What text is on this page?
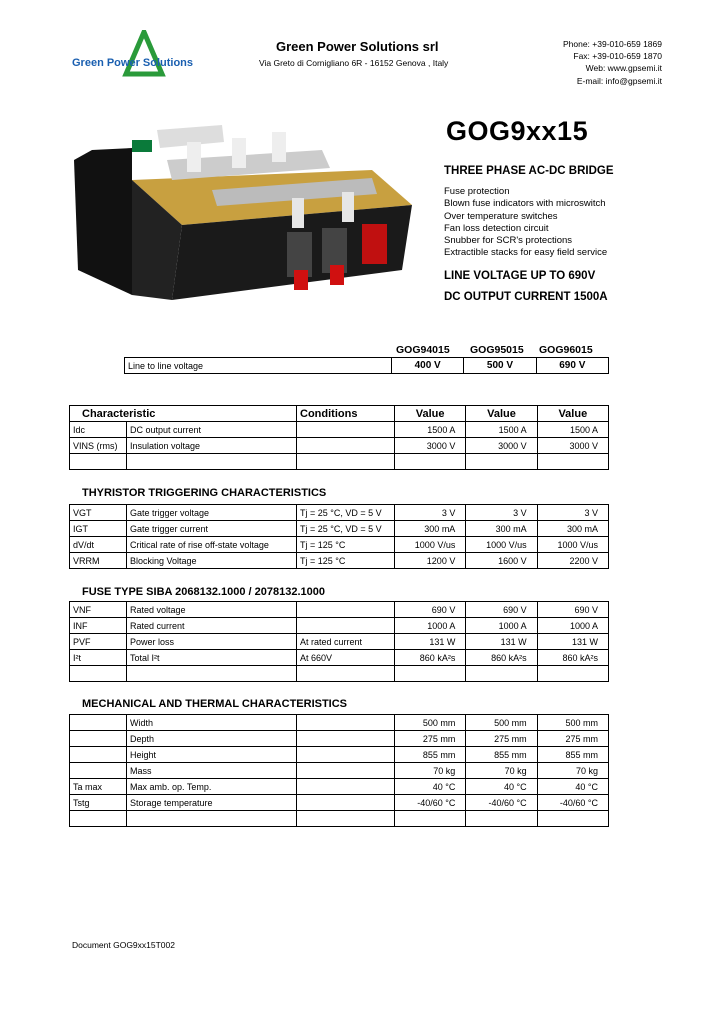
Green Power Solutions
Green Power Solutions srl
Via Greto di Cornigliano 6R - 16152 Genova , Italy
Phone: +39-010-659 1869
Fax: +39-010-659 1870
Web: www.gpsemi.it
E-mail: info@gpsemi.it
GOG9xx15
THREE PHASE AC-DC BRIDGE
Fuse protection
Blown fuse indicators with microswitch
Over temperature switches
Fan loss detection circuit
Snubber for SCR's protections
Extractible stacks for easy field service
LINE VOLTAGE UP TO 690V
DC OUTPUT CURRENT 1500A
GOG94015 GOG95015 GOG96015
Line to line voltage	400 V	500 V	690 V
Characteristic		Conditions	Value	Value	Value
Idc	DC output current		1500 A	1500 A	1500 A
VINS (rms)	Insulation voltage		3000 V	3000 V	3000 V

THYRISTOR TRIGGERING CHARACTERISTICS
VGT	Gate trigger voltage	Tj = 25 °C, VD = 5 V	3 V	3 V	3 V
IGT	Gate trigger current	Tj = 25 °C, VD = 5 V	300 mA	300 mA	300 mA
dV/dt	Critical rate of rise off-state voltage	Tj = 125 °C	1000 V/us	1000 V/us	1000 V/us
VRRM	Blocking Voltage	Tj = 125 °C	1200 V	1600 V	2200 V
FUSE TYPE SIBA 2068132.1000 / 2078132.1000
VNF	Rated voltage		690 V	690 V	690 V
INF	Rated current		1000 A	1000 A	1000 A
PVF	Power loss	At rated current	131 W	131 W	131 W
I²t	Total I²t	At 660V	860 kA²s	860 kA²s	860 kA²s

MECHANICAL AND THERMAL CHARACTERISTICS
	Width		500 mm	500 mm	500 mm
	Depth		275 mm	275 mm	275 mm
	Height		855 mm	855 mm	855 mm
	Mass		70 kg	70 kg	70 kg
Ta max	Max amb. op. Temp.		40 °C	40 °C	40 °C
Tstg	Storage temperature		-40/60 °C	-40/60 °C	-40/60 °C

Document GOG9xx15T002
